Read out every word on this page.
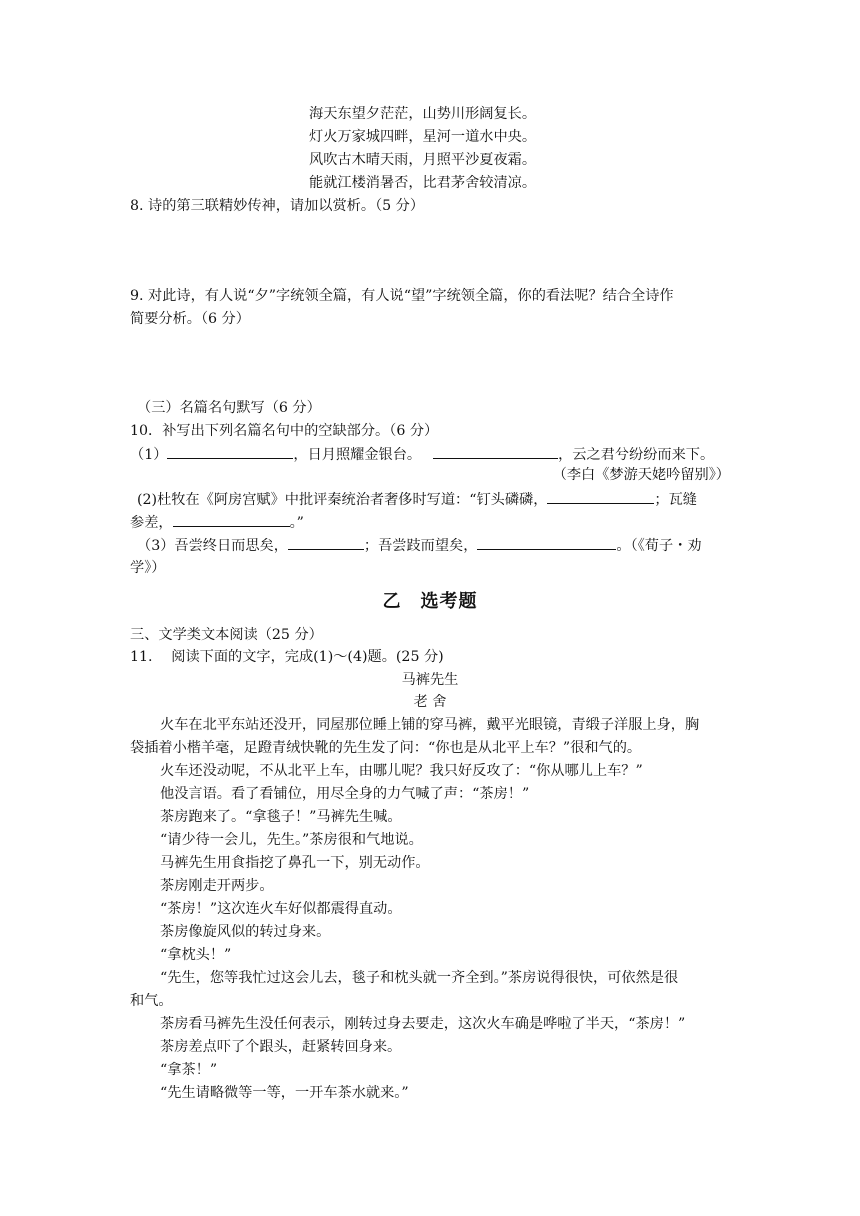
海天东望夕茫茫，山势川形阔复长。
灯火万家城四畔，星河一道水中央。
风吹古木晴天雨，月照平沙夏夜霜。
能就江楼消暑否，比君茅舍较清凉。
8. 诗的第三联精妙传神，请加以赏析。（5 分）
9. 对此诗，有人说“夕”字统领全篇，有人说“望”字统领全篇，你的看法呢？结合全诗作
简要分析。（6 分）
（三）名篇名句默写（6 分）
10．补写出下列名篇名句中的空缺部分。（6 分）
（1）	，日月照耀金银台。	，云之君兮纷纷而来下。
（李白《梦游天姥吟留别》）
(2)杜牧在《阿房宫赋》中批评秦统治者奢侈时写道：“钉头磷磷，	；瓦缝
参差，	。”
（3）吾尝终日而思矣，	；吾尝跂而望矣，	。（《荀子・劝
学》）
乙　选考题
三、文学类文本阅读（25 分）
11.　 阅读下面的文字，完成(1)～(4)题。(25 分)
马裤先生
老 舍
火车在北平东站还没开，同屋那位睡上铺的穿马裤，戴平光眼镜，青缎子洋服上身，胸
袋插着小楷羊毫，足蹬青绒快靴的先生发了问：“你也是从北平上车？”很和气的。
火车还没动呢，不从北平上车，由哪儿呢？我只好反攻了：“你从哪儿上车？”
他没言语。看了看铺位，用尽全身的力气喊了声：“茶房！”
茶房跑来了。“拿毯子！”马裤先生喊。
“请少待一会儿，先生。”茶房很和气地说。
马裤先生用食指挖了鼻孔一下，别无动作。
茶房刚走开两步。
“茶房！”这次连火车好似都震得直动。
茶房像旋风似的转过身来。
“拿枕头！”
“先生，您等我忙过这会儿去，毯子和枕头就一齐全到。”茶房说得很快，可依然是很
和气。
茶房看马裤先生没任何表示，刚转过身去要走，这次火车确是哗啦了半天，“茶房！”
茶房差点吓了个跟头，赶紧转回身来。
“拿茶！”
“先生请略微等一等，一开车茶水就来。”
